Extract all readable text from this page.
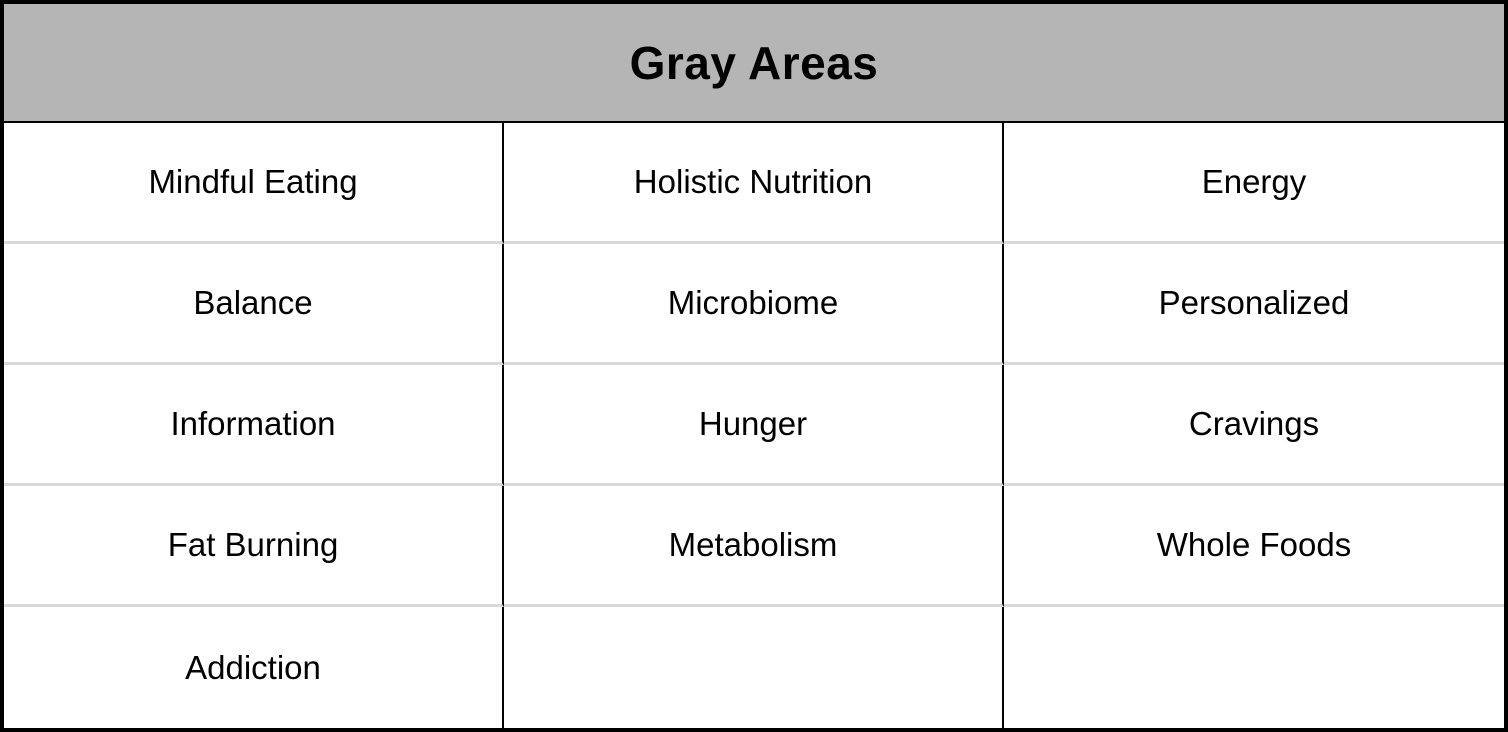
Gray Areas
Mindful Eating	Holistic Nutrition	Energy
Balance	Microbiome	Personalized
Information	Hunger	Cravings
Fat Burning	Metabolism	Whole Foods
Addiction
